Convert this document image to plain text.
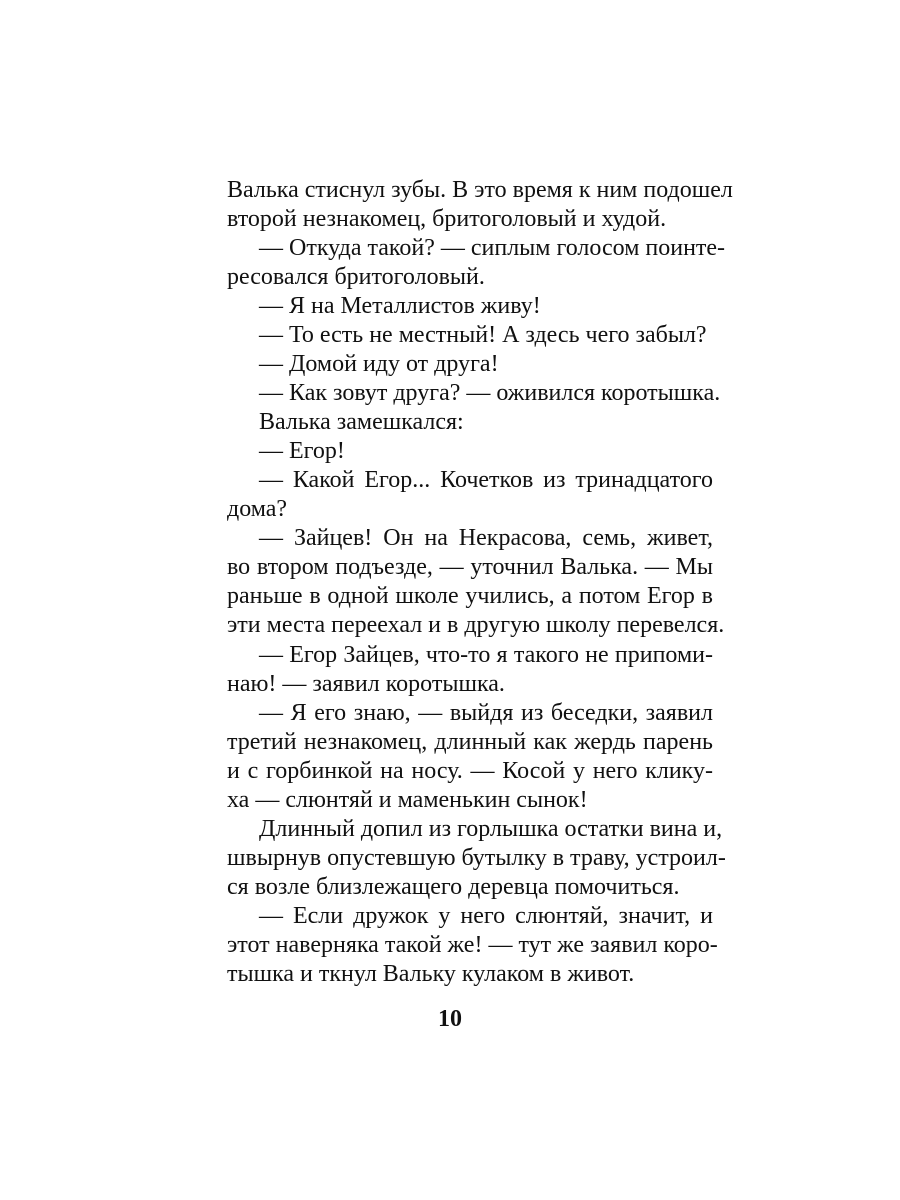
Валька стиснул зубы. В это время к ним подошел
второй незнакомец, бритоголовый и худой.
— Откуда такой? — сиплым голосом поинте-
ресовался бритоголовый.
— Я на Металлистов живу!
— То есть не местный! А здесь чего забыл?
— Домой иду от друга!
— Как зовут друга? — оживился коротышка.
Валька замешкался:
— Егор!
— Какой Егор... Кочетков из тринадцатого
дома?
— Зайцев! Он на Некрасова, семь, живет,
во втором подъезде, — уточнил Валька. — Мы
раньше в одной школе учились, а потом Егор в
эти места переехал и в другую школу перевелся.
— Егор Зайцев, что-то я такого не припоми-
наю! — заявил коротышка.
— Я его знаю, — выйдя из беседки, заявил
третий незнакомец, длинный как жердь парень
и с горбинкой на носу. — Косой у него клику-
ха — слюнтяй и маменькин сынок!
Длинный допил из горлышка остатки вина и,
швырнув опустевшую бутылку в траву, устроил-
ся возле близлежащего деревца помочиться.
— Если дружок у него слюнтяй, значит, и
этот наверняка такой же! — тут же заявил коро-
тышка и ткнул Вальку кулаком в живот.
10
